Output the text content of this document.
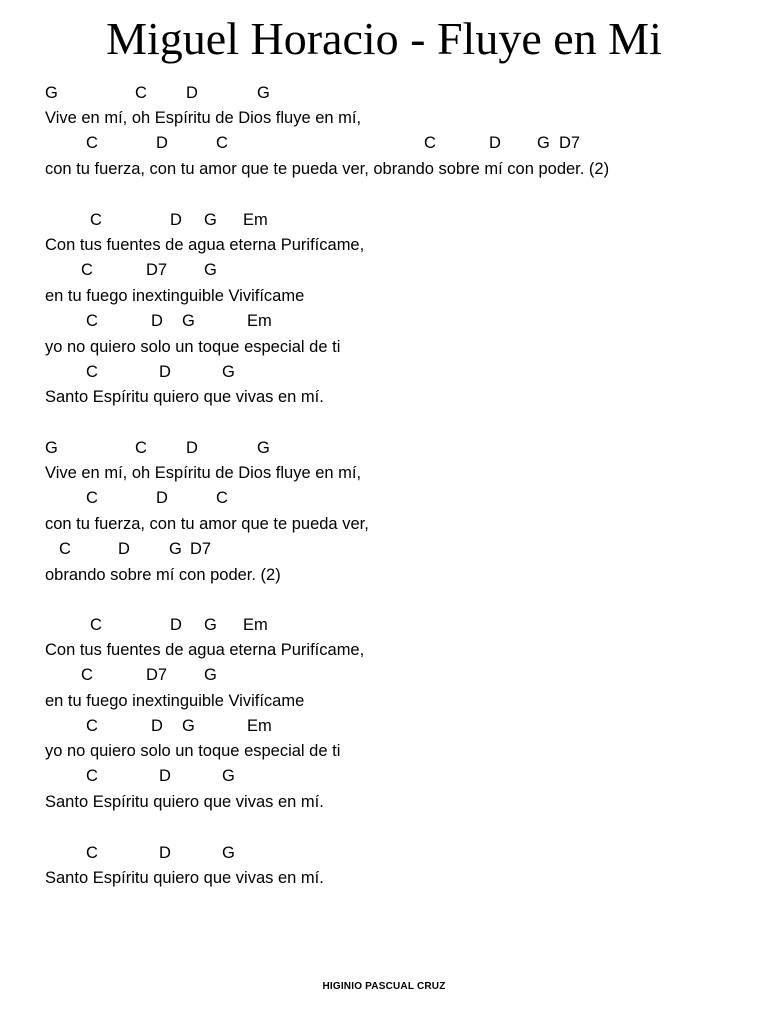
Miguel Horacio - Fluye en Mi
G	C D	G
Vive en mí, oh Espíritu de Dios fluye en mí,
C	D	C	C	D G D7
con tu fuerza, con tu amor que te pueda ver, obrando sobre mí con poder. (2)
C	D G Em
Con tus fuentes de agua eterna Purifícame,
C	D7 G
en tu fuego inextinguible Vivifícame
C	D G	Em
yo no quiero solo un toque especial de ti
C	D	G
Santo Espíritu quiero que vivas en mí.
G	C D	G
Vive en mí, oh Espíritu de Dios fluye en mí,
C	D	C
con tu fuerza, con tu amor que te pueda ver,
C	D G D7
obrando sobre mí con poder. (2)
C	D G Em
Con tus fuentes de agua eterna Purifícame,
C	D7 G
en tu fuego inextinguible Vivifícame
C	D G	Em
yo no quiero solo un toque especial de ti
C	D	G
Santo Espíritu quiero que vivas en mí.
C	D	G
Santo Espíritu quiero que vivas en mí.
HIGINIO PASCUAL CRUZ
